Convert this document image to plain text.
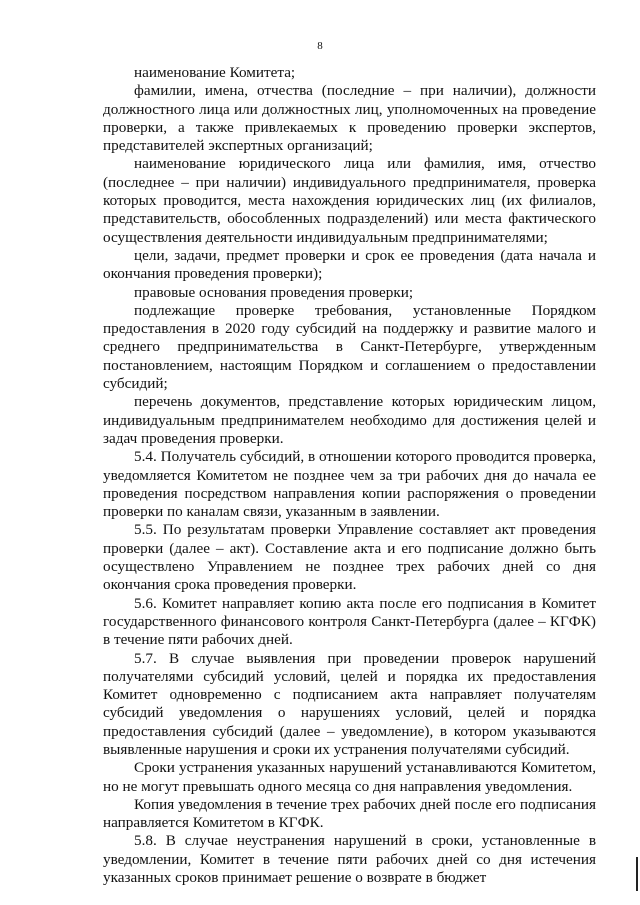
8

наименование Комитета;

фамилии, имена, отчества (последние – при наличии), должности должностного лица или должностных лиц, уполномоченных на проведение проверки, а также привлекаемых к проведению проверки экспертов, представителей экспертных организаций;

наименование юридического лица или фамилия, имя, отчество (последнее – при наличии) индивидуального предпринимателя, проверка которых проводится, места нахождения юридических лиц (их филиалов, представительств, обособленных подразделений) или места фактического осуществления деятельности индивидуальным предпринимателями;

цели, задачи, предмет проверки и срок ее проведения (дата начала и окончания проведения проверки);

правовые основания проведения проверки;

подлежащие проверке требования, установленные Порядком предоставления в 2020 году субсидий на поддержку и развитие малого и среднего предпринимательства в Санкт-Петербурге, утвержденным постановлением, настоящим Порядком и соглашением о предоставлении субсидий;

перечень документов, представление которых юридическим лицом, индивидуальным предпринимателем необходимо для достижения целей и задач проведения проверки.

5.4. Получатель субсидий, в отношении которого проводится проверка, уведомляется Комитетом не позднее чем за три рабочих дня до начала ее проведения посредством направления копии распоряжения о проведении проверки по каналам связи, указанным в заявлении.

5.5. По результатам проверки Управление составляет акт проведения проверки (далее – акт). Составление акта и его подписание должно быть осуществлено Управлением не позднее трех рабочих дней со дня окончания срока проведения проверки.

5.6. Комитет направляет копию акта после его подписания в Комитет государственного финансового контроля Санкт-Петербурга (далее – КГФК) в течение пяти рабочих дней.

5.7. В случае выявления при проведении проверок нарушений получателями субсидий условий, целей и порядка их предоставления Комитет одновременно с подписанием акта направляет получателям субсидий уведомления о нарушениях условий, целей и порядка предоставления субсидий (далее – уведомление), в котором указываются выявленные нарушения и сроки их устранения получателями субсидий.

Сроки устранения указанных нарушений устанавливаются Комитетом, но не могут превышать одного месяца со дня направления уведомления.

Копия уведомления в течение трех рабочих дней после его подписания направляется Комитетом в КГФК.

5.8. В случае неустранения нарушений в сроки, установленные в уведомлении, Комитет в течение пяти рабочих дней со дня истечения указанных сроков принимает решение о возврате в бюджет
